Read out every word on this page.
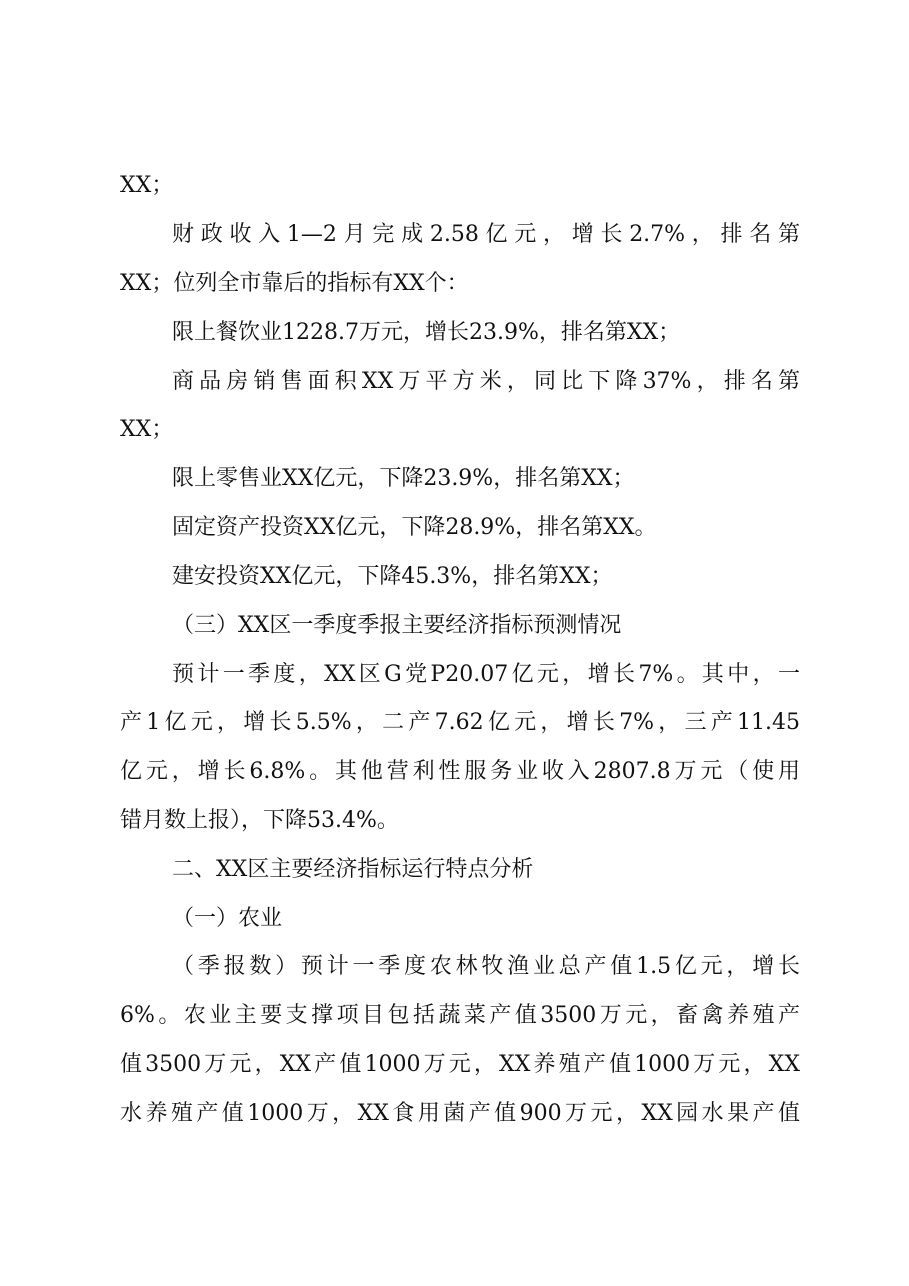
XX；
财政收入1—2月完成2.58亿元，增长2.7%，排名第
XX；位列全市靠后的指标有XX个：
限上餐饮业1228.7万元，增长23.9%，排名第XX；
商品房销售面积XX万平方米，同比下降37%，排名第
XX；
限上零售业XX亿元，下降23.9%，排名第XX；
固定资产投资XX亿元，下降28.9%，排名第XX。
建安投资XX亿元，下降45.3%，排名第XX；
（三）XX区一季度季报主要经济指标预测情况
预计一季度，XX区G党P20.07亿元，增长7%。其中，一
产1亿元，增长5.5%，二产7.62亿元，增长7%，三产11.45
亿元，增长6.8%。其他营利性服务业收入2807.8万元（使用
错月数上报），下降53.4%。
二、XX区主要经济指标运行特点分析
（一）农业
（季报数）预计一季度农林牧渔业总产值1.5亿元，增长
6%。农业主要支撑项目包括蔬菜产值3500万元，畜禽养殖产
值3500万元，XX产值1000万元，XX养殖产值1000万元，XX
水养殖产值1000万，XX食用菌产值900万元，XX园水果产值
